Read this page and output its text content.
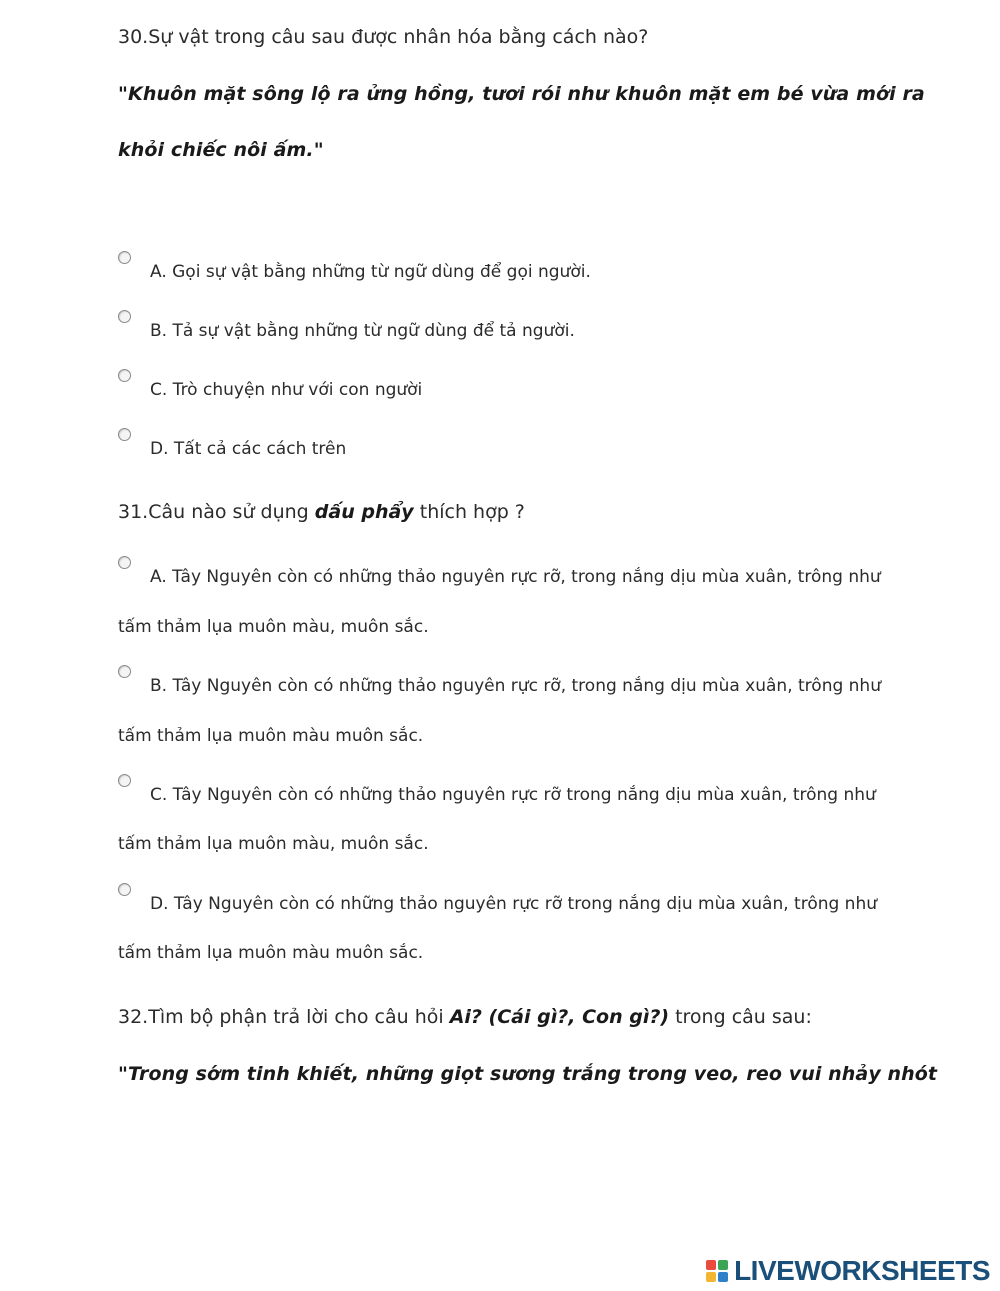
30.Sự vật trong câu sau được nhân hóa bằng cách nào?
"Khuôn mặt sông lộ ra ửng hồng, tươi rói như khuôn mặt em bé vừa mới ra
khỏi chiếc nôi ấm."
A. Gọi sự vật bằng những từ ngữ dùng để gọi người.
B. Tả sự vật bằng những từ ngữ dùng để tả người.
C. Trò chuyện như với con người
D. Tất cả các cách trên
31.Câu nào sử dụng dấu phẩy thích hợp ?
A. Tây Nguyên còn có những thảo nguyên rực rỡ, trong nắng dịu mùa xuân, trông như
tấm thảm lụa muôn màu, muôn sắc.
B. Tây Nguyên còn có những thảo nguyên rực rỡ, trong nắng dịu mùa xuân, trông như
tấm thảm lụa muôn màu muôn sắc.
C. Tây Nguyên còn có những thảo nguyên rực rỡ trong nắng dịu mùa xuân, trông như
tấm thảm lụa muôn màu, muôn sắc.
D. Tây Nguyên còn có những thảo nguyên rực rỡ trong nắng dịu mùa xuân, trông như
tấm thảm lụa muôn màu muôn sắc.
32.Tìm bộ phận trả lời cho câu hỏi Ai? (Cái gì?, Con gì?) trong câu sau:
"Trong sớm tinh khiết, những giọt sương trắng trong veo, reo vui nhảy nhót
LIVEWORKSHEETS
